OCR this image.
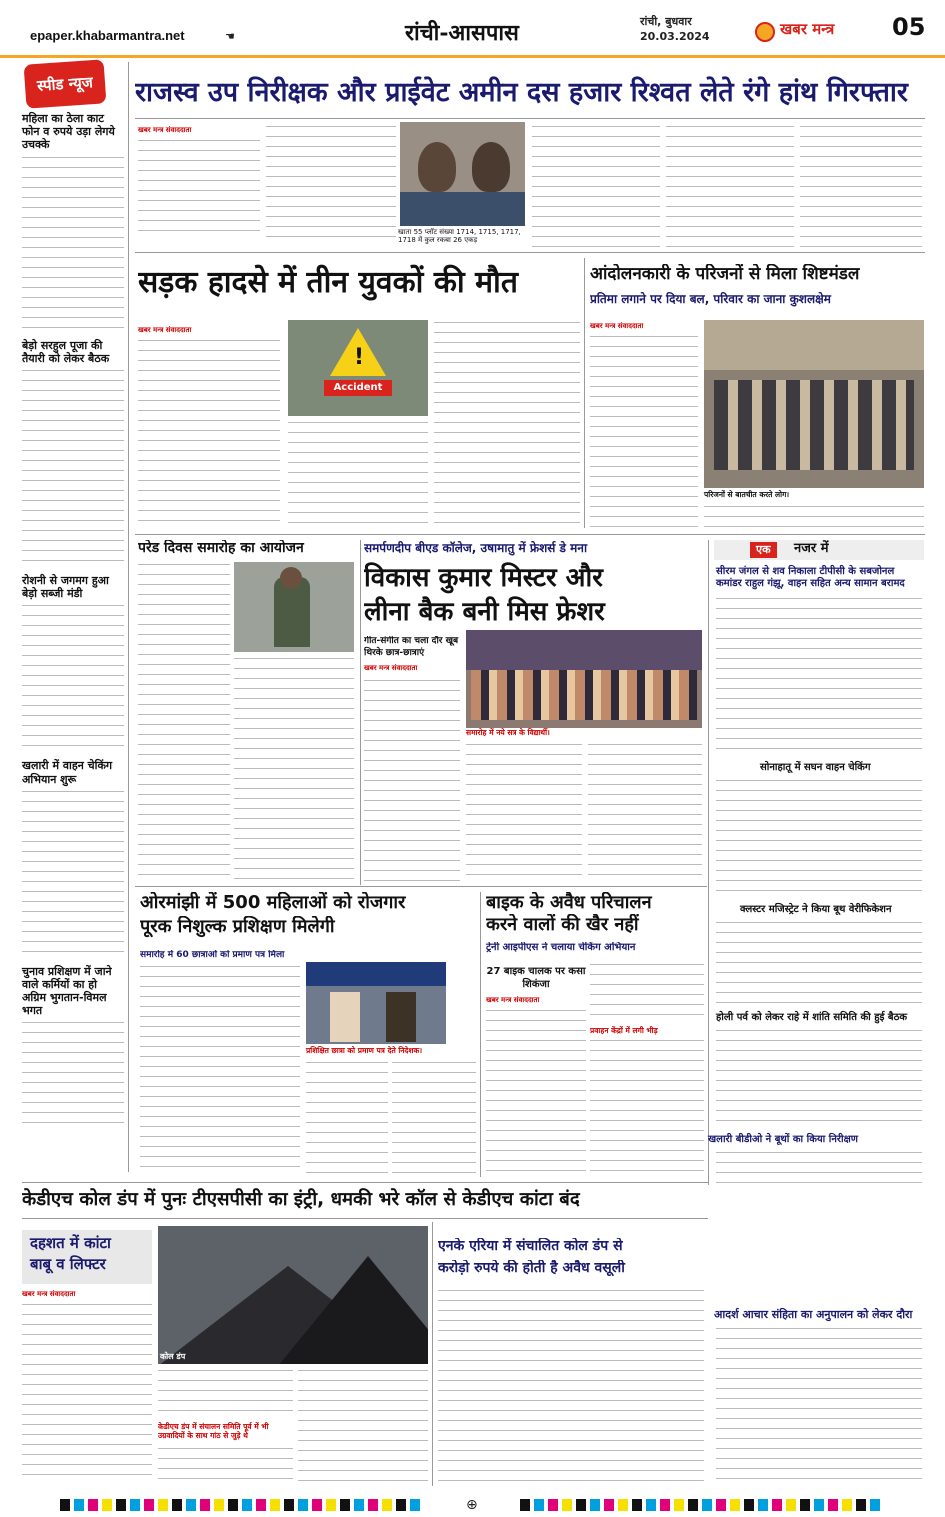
epaper.khabarmantra.net	☚	रांची-आसपास	रांची, बुधवार
20.03.2024	खबर मन्त्र 05
स्पीड न्यूज
महिला का ठेला काट फोन व रुपये उड़ा लेगये उचक्के
बेड़ो सरहुल पूजा की तैयारी को लेकर बैठक
रोशनी से जगमग हुआ बेड़ो सब्जी मंडी
खलारी में वाहन चेकिंग अभियान शुरू
चुनाव प्रशिक्षण में जाने वाले कर्मियों का हो अग्रिम भुगतान-विमल भगत
राजस्व उप निरीक्षक और प्राईवेट अमीन दस हजार रिश्वत लेते रंगे हांथ गिरफ्तार
खबर मन्त्र संवाददाता
खाता 55 प्लॉट संख्या 1714, 1715, 1717, 1718 में कुल रकबा 26 एकड़
सड़क हादसे में तीन युवकों की मौत
खबर मन्त्र संवाददाता
!
Accident
आंदोलनकारी के परिजनों से मिला शिष्टमंडल
प्रतिमा लगाने पर दिया बल, परिवार का जाना कुशलक्षेम
खबर मन्त्र संवाददाता
परिजनों से बातचीत करते लोग।
परेड दिवस समारोह का आयोजन	समर्पणदीप बीएड कॉलेज, उषामातु में फ्रेशर्स डे मना
विकास कुमार मिस्टर और
लीना बैक बनी मिस फ्रेशर
गीत-संगीत का चला दौर खूब थिरके छात्र-छात्राएं
खबर मन्त्र संवाददाता
समारोह में नये सत्र के विद्यार्थी।
एक	नजर में
सीरम जंगल से शव निकाला टीपीसी के सबजोनल कमांडर राहुल गंझू, वाहन सहित अन्य सामान बरामद
सोनाहातू में सघन वाहन चेकिंग
क्लस्टर मजिस्ट्रेट ने किया बूथ वेरीफिकेशन
होली पर्व को लेकर राहे में शांति समिति की हुई बैठक
खलारी बीडीओ ने बूथों का किया निरीक्षण
ओरमांझी में 500 महिलाओं को रोजगार
पूरक निशुल्क प्रशिक्षण मिलेगी
समारोह में 60 छात्राओं को प्रमाण पत्र मिला
प्रशिक्षित छात्रा को प्रमाण पत्र देते निदेशक।
बाइक के अवैध परिचालन
करने वालों की खैर नहीं
ट्रेनी आइपीएस ने चलाया चेकिंग अभियान
27 बाइक चालक पर कसा शिकंजा
खबर मन्त्र संवाददाता
प्रवाहन केंद्रों में लगी भीड़
केडीएच कोल डंप में पुनः टीएसपीसी का इंट्री, धमकी भरे कॉल से केडीएच कांटा बंद
दहशत में कांटा
बाबू व लिफ्टर
खबर मन्त्र संवाददाता
कोल डंप
केडीएच डंप में संचालन समिति पूर्व में भी उग्रवादियों के साथ गांठ से जुड़े थे
एनके एरिया में संचालित कोल डंप से
करोड़ो रुपये की होती है अवैध वसूली
आदर्श आचार संहिता का अनुपालन को लेकर दौरा
⊕
